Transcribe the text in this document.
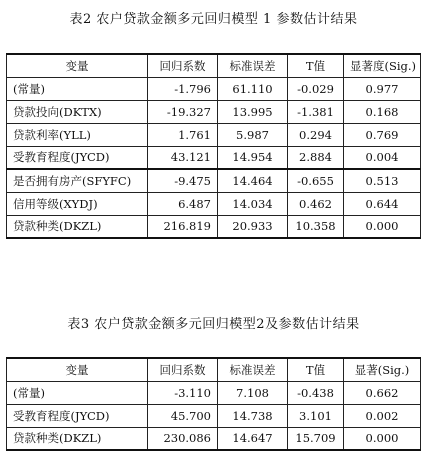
表2 农户贷款金额多元回归模型 1 参数估计结果
变量	回归系数	标准误差	T值	显著度(Sig.)
(常量)	-1.796	61.110	-0.029	0.977
贷款投向(DKTX)	-19.327	13.995	-1.381	0.168
贷款利率(YLL)	1.761	5.987	0.294	0.769
受教育程度(JYCD)	43.121	14.954	2.884	0.004
是否拥有房产(SFYFC)	-9.475	14.464	-0.655	0.513
信用等级(XYDJ)	6.487	14.034	0.462	0.644
贷款种类(DKZL)	216.819	20.933	10.358	0.000
表3 农户贷款金额多元回归模型2及参数估计结果
变量	回归系数	标准误差	T值	显著(Sig.)
(常量)	-3.110	7.108	-0.438	0.662
受教育程度(JYCD)	45.700	14.738	3.101	0.002
贷款种类(DKZL)	230.086	14.647	15.709	0.000
